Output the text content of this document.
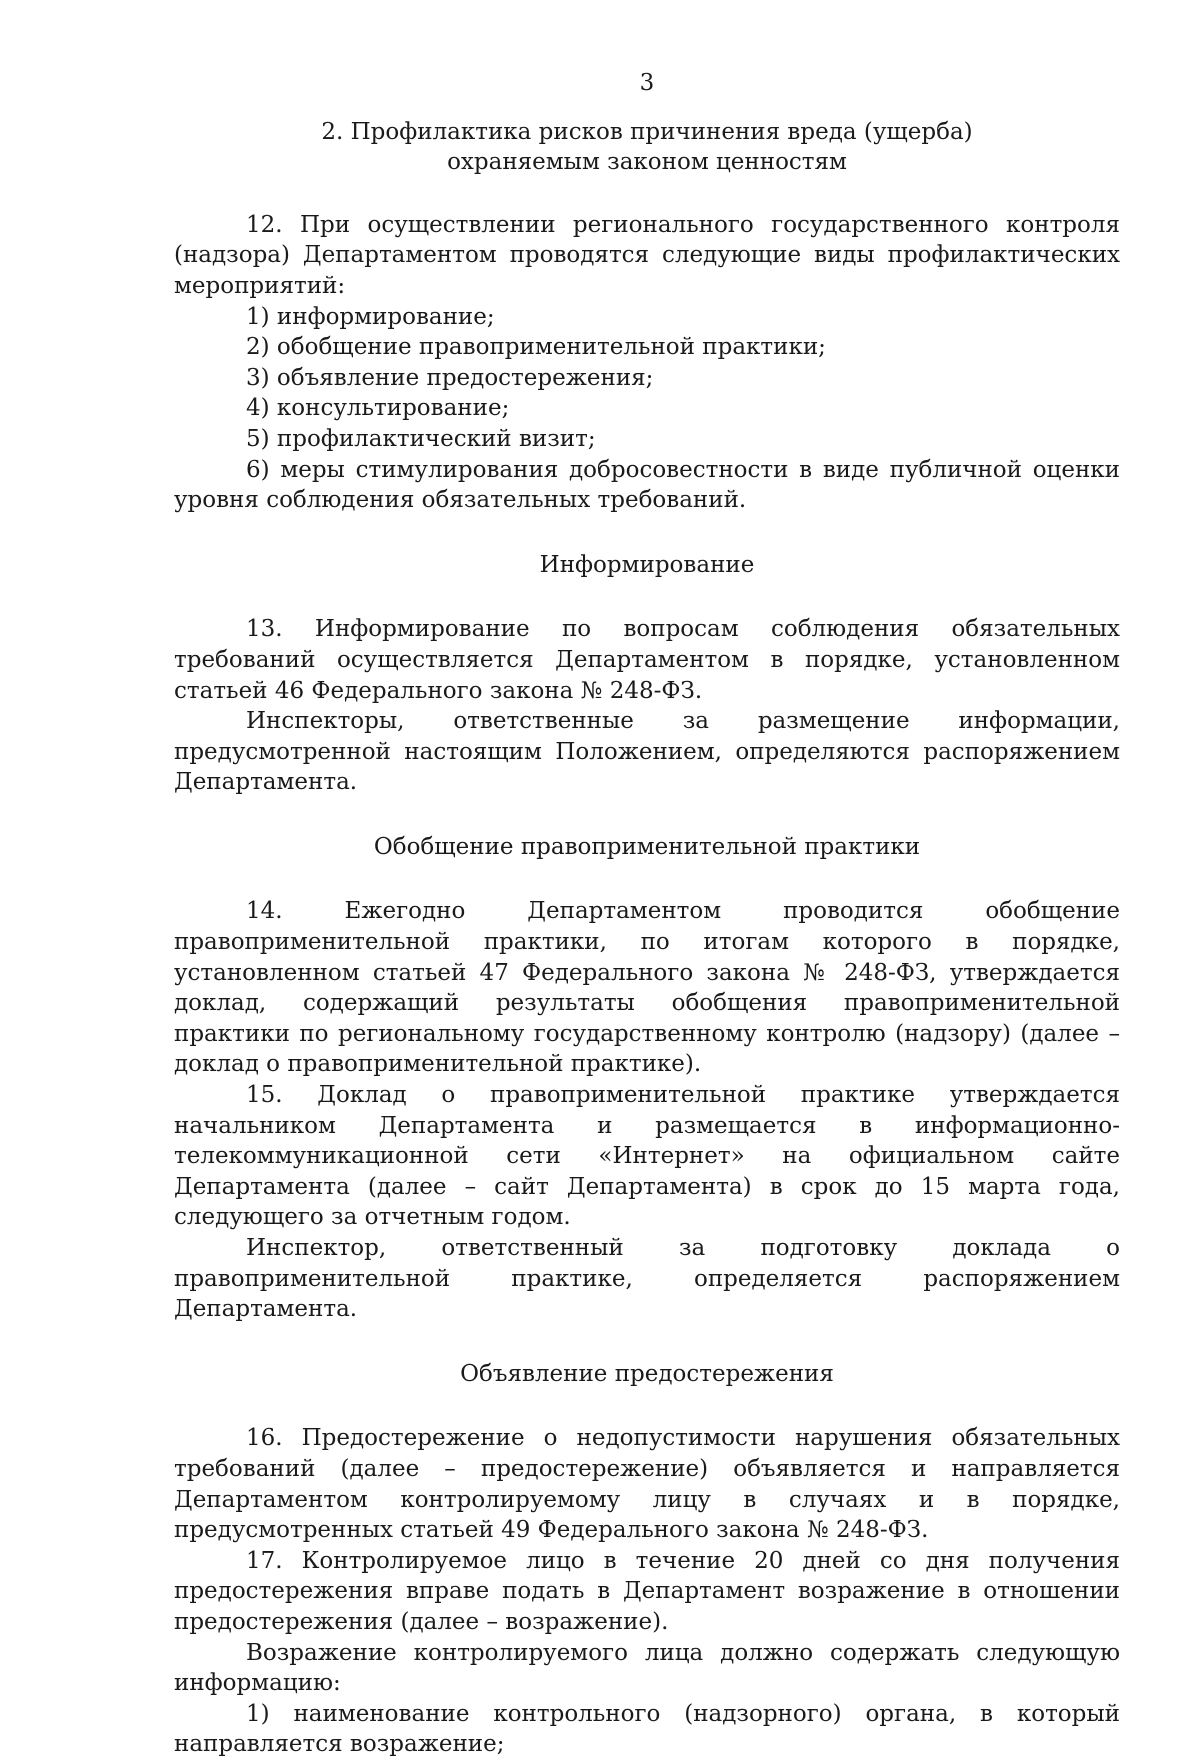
3

2. Профилактика рисков причинения вреда (ущерба)

охраняемым законом ценностям

12. При осуществлении регионального государственного контроля (надзора) Департаментом проводятся следующие виды профилактических мероприятий:

1) информирование;

2) обобщение правоприменительной практики;

3) объявление предостережения;

4) консультирование;

5) профилактический визит;

6) меры стимулирования добросовестности в виде публичной оценки уровня соблюдения обязательных требований.

Информирование

13. Информирование по вопросам соблюдения обязательных требований осуществляется Департаментом в порядке, установленном статьей 46 Федерального закона № 248-ФЗ.

Инспекторы, ответственные за размещение информации, предусмотренной настоящим Положением, определяются распоряжением Департамента.

Обобщение правоприменительной практики

14. Ежегодно Департаментом проводится обобщение правоприменительной практики, по итогам которого в порядке, установленном статьей 47 Федерального закона № 248-ФЗ, утверждается доклад, содержащий результаты обобщения правоприменительной практики по региональному государственному контролю (надзору) (далее – доклад о правоприменительной практике).

15. Доклад о правоприменительной практике утверждается начальником Департамента и размещается в информационно-телекоммуникационной сети «Интернет» на официальном сайте Департамента (далее – сайт Департамента) в срок до 15 марта года, следующего за отчетным годом.

Инспектор, ответственный за подготовку доклада о правоприменительной практике, определяется распоряжением Департамента.

Объявление предостережения

16. Предостережение о недопустимости нарушения обязательных требований (далее – предостережение) объявляется и направляется Департаментом контролируемому лицу в случаях и в порядке, предусмотренных статьей 49 Федерального закона № 248-ФЗ.

17. Контролируемое лицо в течение 20 дней со дня получения предостережения вправе подать в Департамент возражение в отношении предостережения (далее – возражение).

Возражение контролируемого лица должно содержать следующую информацию:

1) наименование контрольного (надзорного) органа, в который направляется возражение;
